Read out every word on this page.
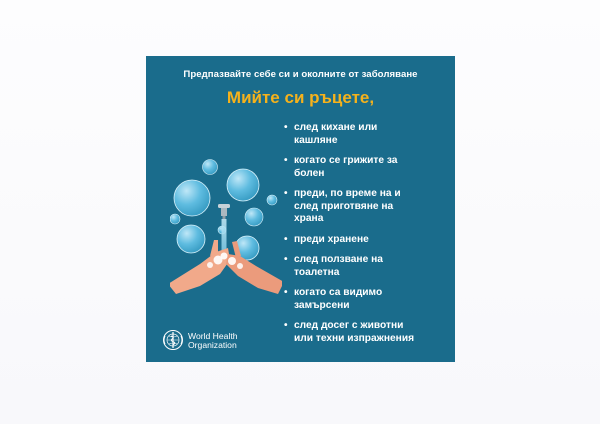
Предпазвайте себе си и околните от заболяване
Мийте си ръцете,
• след кихане или
кашляне
• когато се грижите за
болен
• преди, по време на и
след приготвяне на
храна
• преди хранене
• след ползване на
тоалетна
• когато са видимо
замърсени
• след досег с животни
или техни изпражнения
World Health
Organization
